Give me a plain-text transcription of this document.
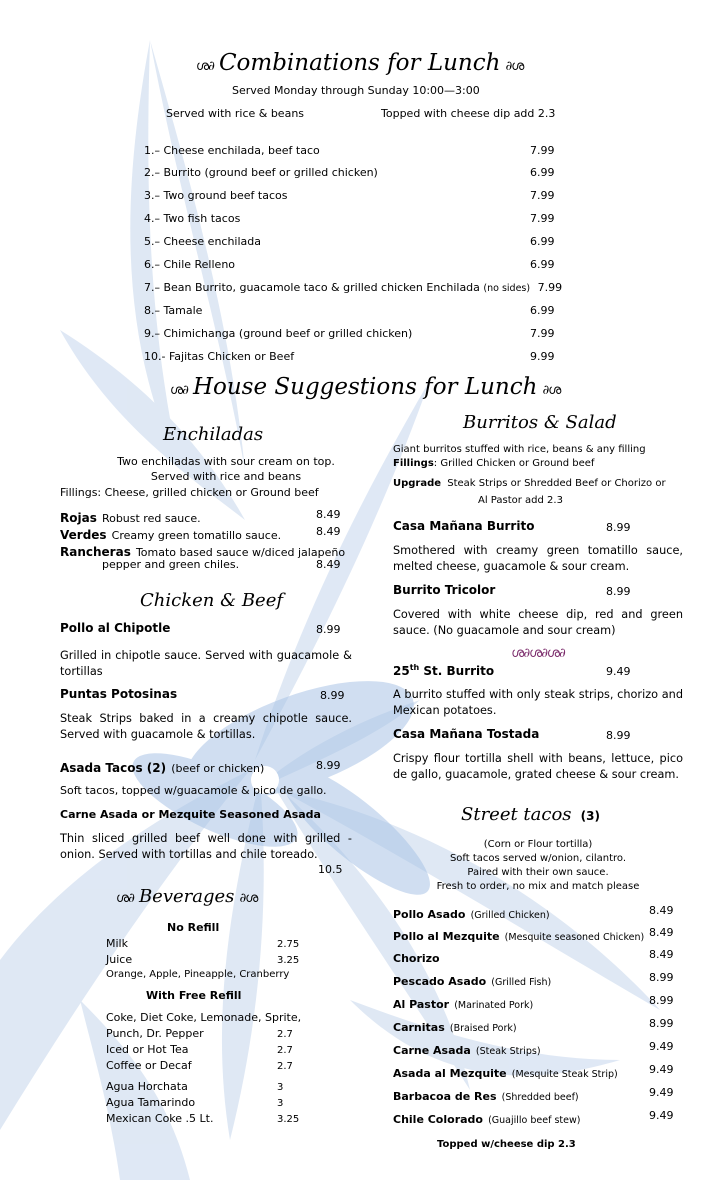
ശ∂ Combinations for Lunch ∂ശ
Served Monday through Sunday 10:00—3:00
Served with rice & beans	Topped with cheese dip add 2.3
1.– Cheese enchilada, beef taco	7.99
2.– Burrito (ground beef or grilled chicken)	6.99
3.– Two ground beef tacos	7.99
4.– Two fish tacos	7.99
5.– Cheese enchilada	6.99
6.– Chile Relleno	6.99
7.– Bean Burrito, guacamole taco & grilled chicken Enchilada (no sides) 7.99
8.– Tamale	6.99
9.– Chimichanga (ground beef or grilled chicken)	7.99
10.- Fajitas Chicken or Beef	9.99
ശ∂ House Suggestions for Lunch ∂ശ
Enchiladas
Two enchiladas with sour cream on top.
Served with rice and beans
Fillings: Cheese, grilled chicken or Ground beef
Rojas Robust red sauce.	8.49
Verdes Creamy green tomatillo sauce.	8.49
Rancheras Tomato based sauce w/diced jalapeño
pepper and green chiles.	8.49
Chicken & Beef
Pollo al Chipotle	8.99
Grilled in chipotle sauce. Served with guacamole & tortillas
Puntas Potosinas	8.99
Steak Strips baked in a creamy chipotle sauce. Served with guacamole & tortillas.
Asada Tacos (2) (beef or chicken)	8.99
Soft tacos, topped w/guacamole & pico de gallo.
Carne Asada or Mezquite Seasoned Asada
Thin sliced grilled beef well done with grilled - onion. Served with tortillas and chile toreado.
10.5
ശ∂ Beverages ∂ശ
No Refill
Milk	2.75
Juice	3.25
Orange, Apple, Pineapple, Cranberry
With Free Refill
Coke, Diet Coke, Lemonade, Sprite,
Punch, Dr. Pepper	2.7
Iced or Hot Tea	2.7
Coffee or Decaf	2.7
Agua Horchata	3
Agua Tamarindo	3
Mexican Coke .5 Lt.	3.25
Burritos & Salad
Giant burritos stuffed with rice, beans & any filling
Fillings: Grilled Chicken or Ground beef
Upgrade Steak Strips or Shredded Beef or Chorizo or
Al Pastor add 2.3
Casa Mañana Burrito	8.99
Smothered with creamy green tomatillo sauce, melted cheese, guacamole & sour cream.
Burrito Tricolor	8.99
Covered with white cheese dip, red and green sauce. (No guacamole and sour cream)
ശ∂ശ∂ശ∂
25th St. Burrito	9.49
A burrito stuffed with only steak strips, chorizo and Mexican potatoes.
Casa Mañana Tostada	8.99
Crispy flour tortilla shell with beans, lettuce, pico de gallo, guacamole, grated cheese & sour cream.
Street tacos (3)
(Corn or Flour tortilla)
Soft tacos served w/onion, cilantro.
Paired with their own sauce.
Fresh to order, no mix and match please
Pollo Asado (Grilled Chicken)	8.49
Pollo al Mezquite (Mesquite seasoned Chicken) 8.49
Chorizo	8.49
Pescado Asado (Grilled Fish)	8.99
Al Pastor (Marinated Pork)	8.99
Carnitas (Braised Pork)	8.99
Carne Asada (Steak Strips)	9.49
Asada al Mezquite (Mesquite Steak Strip)	9.49
Barbacoa de Res (Shredded beef)	9.49
Chile Colorado (Guajillo beef stew)	9.49
Topped w/cheese dip 2.3
